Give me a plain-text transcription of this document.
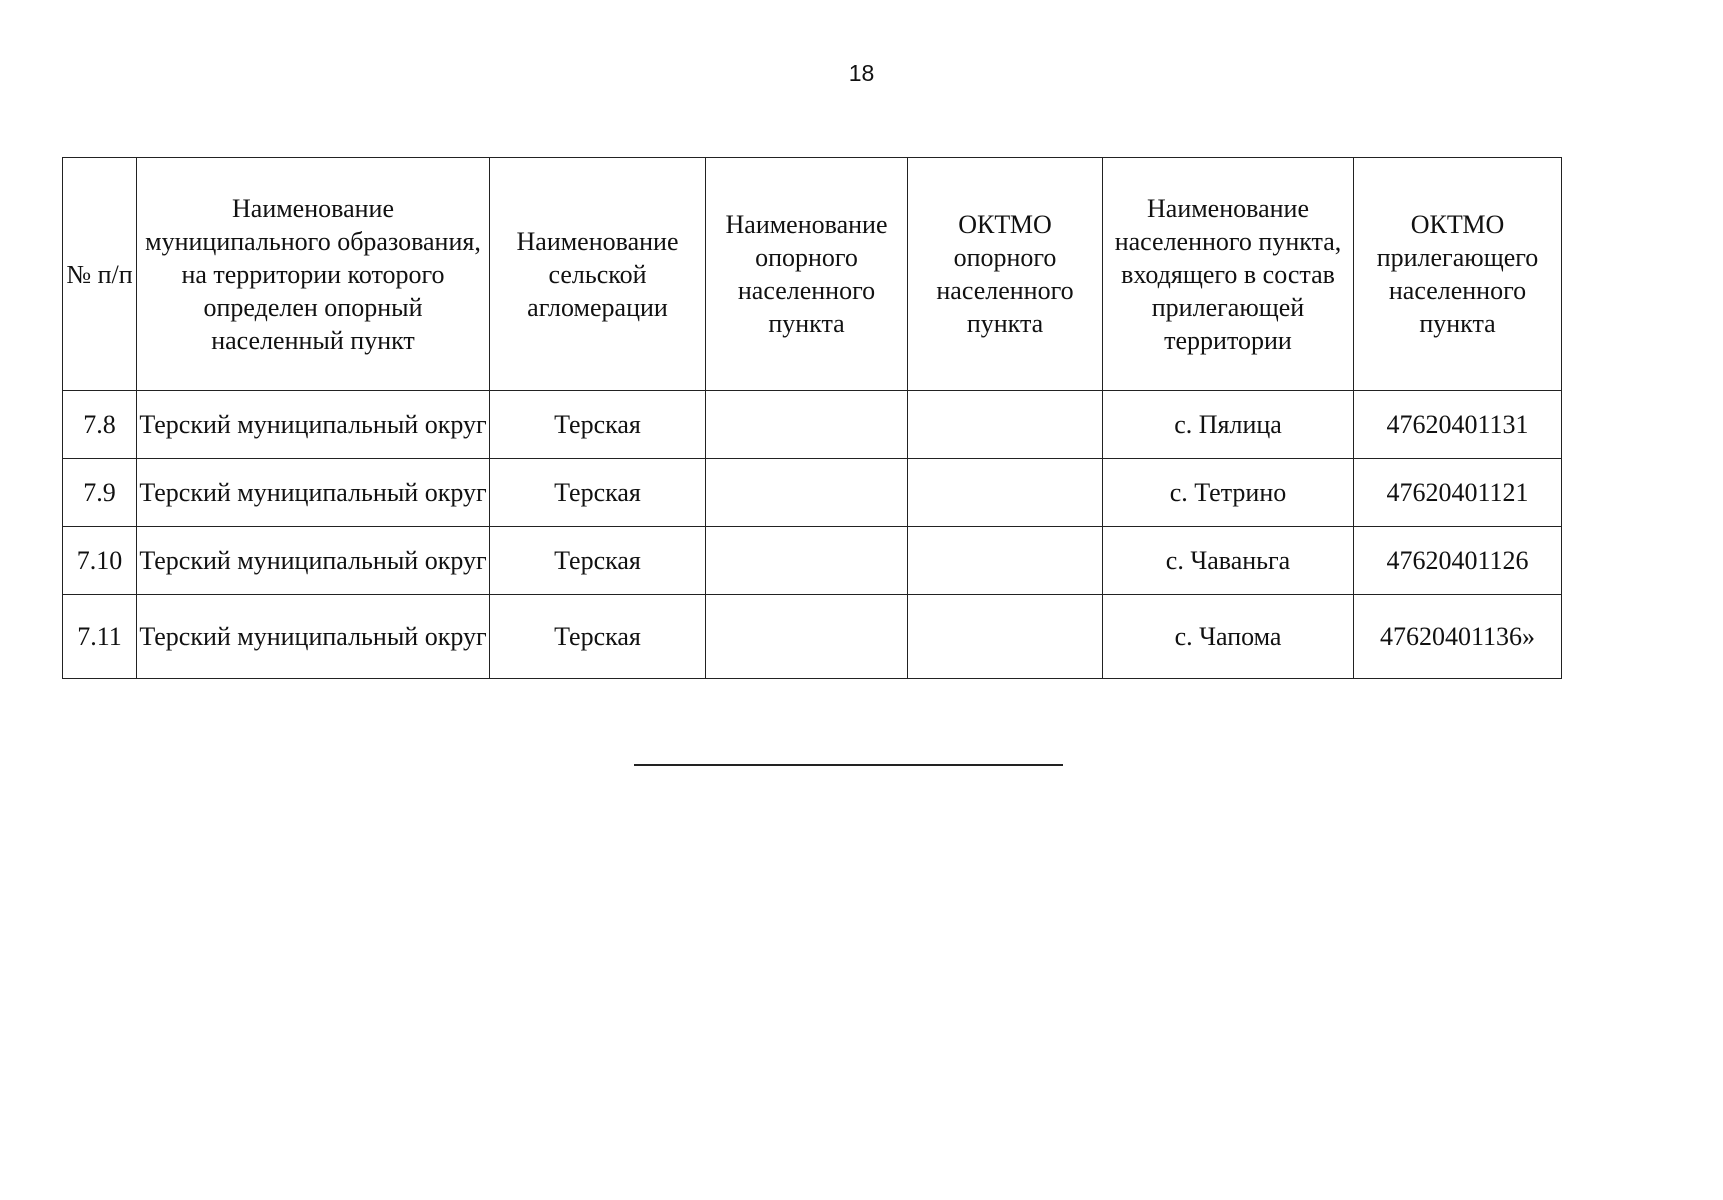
18
№ п/п	Наименование муниципального образования, на территории которого определен опорный населенный пункт	Наименование сельской агломерации	Наименование опорного населенного пункта	ОКТМО опорного населенного пункта	Наименование населенного пункта, входящего в состав прилегающей территории	ОКТМО прилегающего населенного пункта
7.8	Терский муниципальный округ	Терская			с. Пялица	47620401131
7.9	Терский муниципальный округ	Терская			с. Тетрино	47620401121
7.10	Терский муниципальный округ	Терская			с. Чаваньга	47620401126
7.11	Терский муниципальный округ	Терская			с. Чапома	47620401136»
